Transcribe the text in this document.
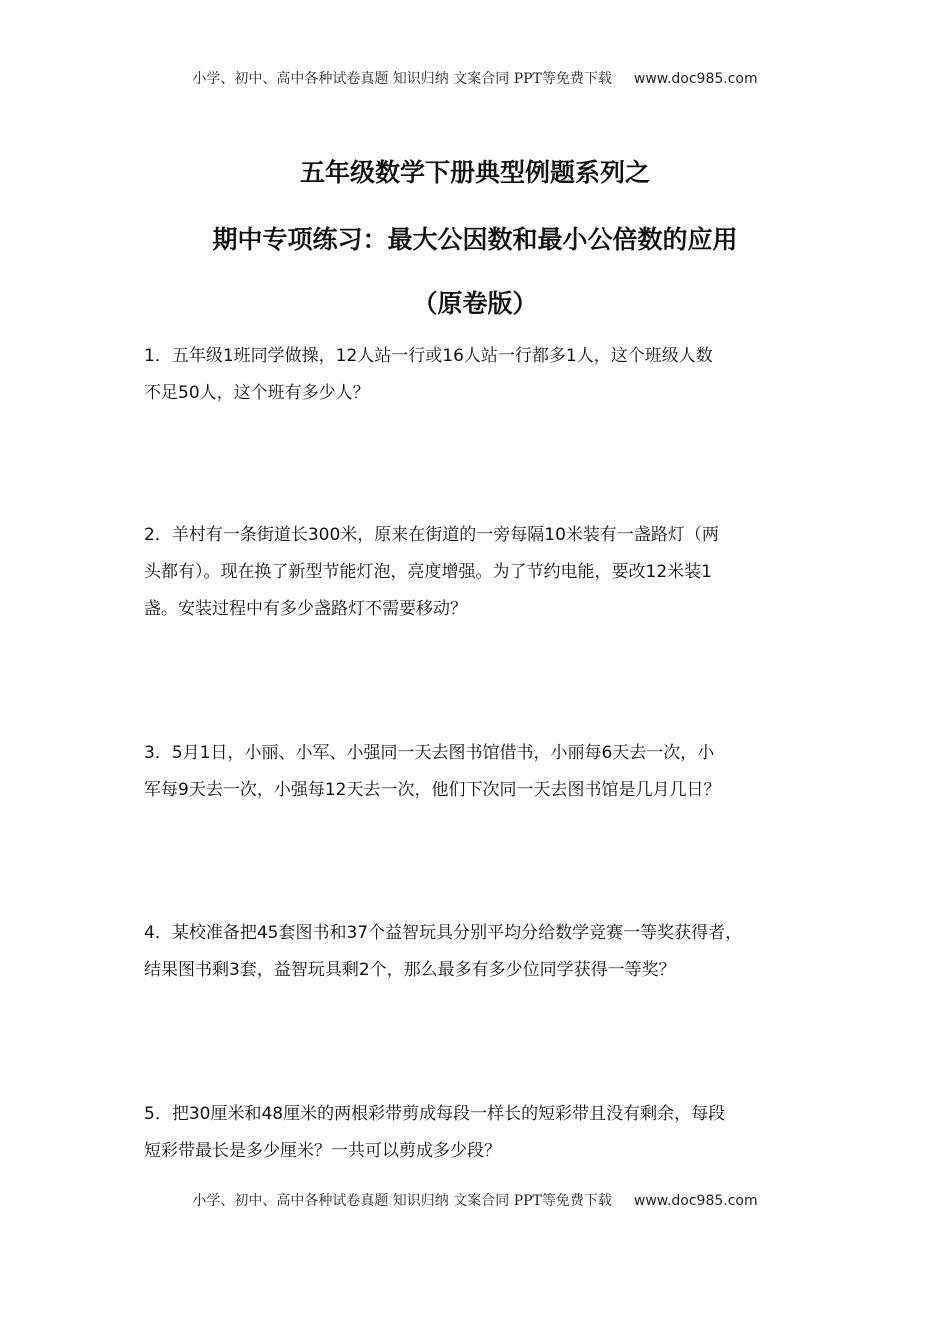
小学、初中、高中各种试卷真题 知识归纳 文案合同 PPT等免费下载 www.doc985.com
五年级数学下册典型例题系列之
期中专项练习：最大公因数和最小公倍数的应用
（原卷版）
1．五年级1班同学做操，12人站一行或16人站一行都多1人，这个班级人数
不足50人，这个班有多少人？
2．羊村有一条街道长300米，原来在街道的一旁每隔10米装有一盏路灯（两
头都有）。现在换了新型节能灯泡，亮度增强。为了节约电能，要改12米装1
盏。安装过程中有多少盏路灯不需要移动？
3．5月1日，小丽、小军、小强同一天去图书馆借书，小丽每6天去一次，小
军每9天去一次，小强每12天去一次，他们下次同一天去图书馆是几月几日？
4．某校准备把45套图书和37个益智玩具分别平均分给数学竞赛一等奖获得者，
结果图书剩3套，益智玩具剩2个，那么最多有多少位同学获得一等奖？
5．把30厘米和48厘米的两根彩带剪成每段一样长的短彩带且没有剩余，每段
短彩带最长是多少厘米？一共可以剪成多少段？
小学、初中、高中各种试卷真题 知识归纳 文案合同 PPT等免费下载 www.doc985.com
